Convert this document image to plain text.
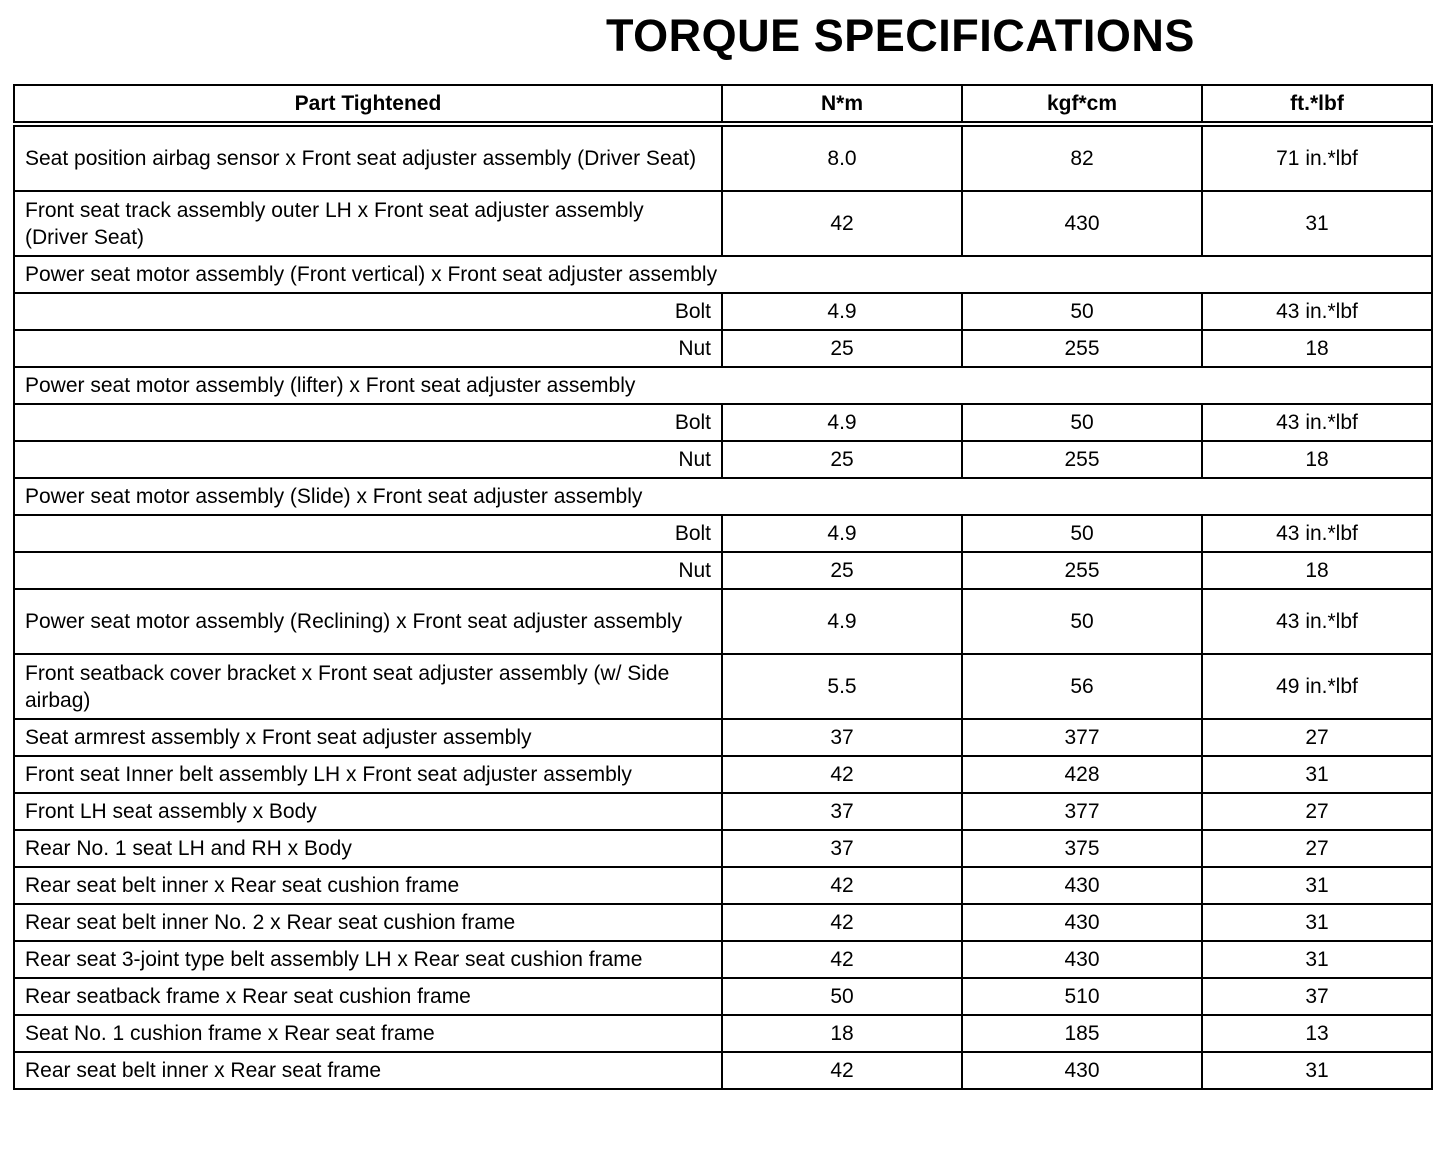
TORQUE SPECIFICATIONS
Part Tightened	N*m	kgf*cm	ft.*lbf
Seat position airbag sensor x Front seat adjuster assembly (Driver Seat)	8.0	82	71 in.*lbf
Front seat track assembly outer LH x Front seat adjuster assembly (Driver Seat)	42	430	31
Power seat motor assembly (Front vertical) x Front seat adjuster assembly			
Bolt	4.9	50	43 in.*lbf
Nut	25	255	18
Power seat motor assembly (lifter) x Front seat adjuster assembly			
Bolt	4.9	50	43 in.*lbf
Nut	25	255	18
Power seat motor assembly (Slide) x Front seat adjuster assembly			
Bolt	4.9	50	43 in.*lbf
Nut	25	255	18
Power seat motor assembly (Reclining) x Front seat adjuster assembly	4.9	50	43 in.*lbf
Front seatback cover bracket x Front seat adjuster assembly (w/ Side airbag)	5.5	56	49 in.*lbf
Seat armrest assembly x Front seat adjuster assembly	37	377	27
Front seat Inner belt assembly LH x Front seat adjuster assembly	42	428	31
Front LH seat assembly x Body	37	377	27
Rear No. 1 seat LH and RH x Body	37	375	27
Rear seat belt inner x Rear seat cushion frame	42	430	31
Rear seat belt inner No. 2 x Rear seat cushion frame	42	430	31
Rear seat 3-joint type belt assembly LH x Rear seat cushion frame	42	430	31
Rear seatback frame x Rear seat cushion frame	50	510	37
Seat No. 1 cushion frame x Rear seat frame	18	185	13
Rear seat belt inner x Rear seat frame	42	430	31
